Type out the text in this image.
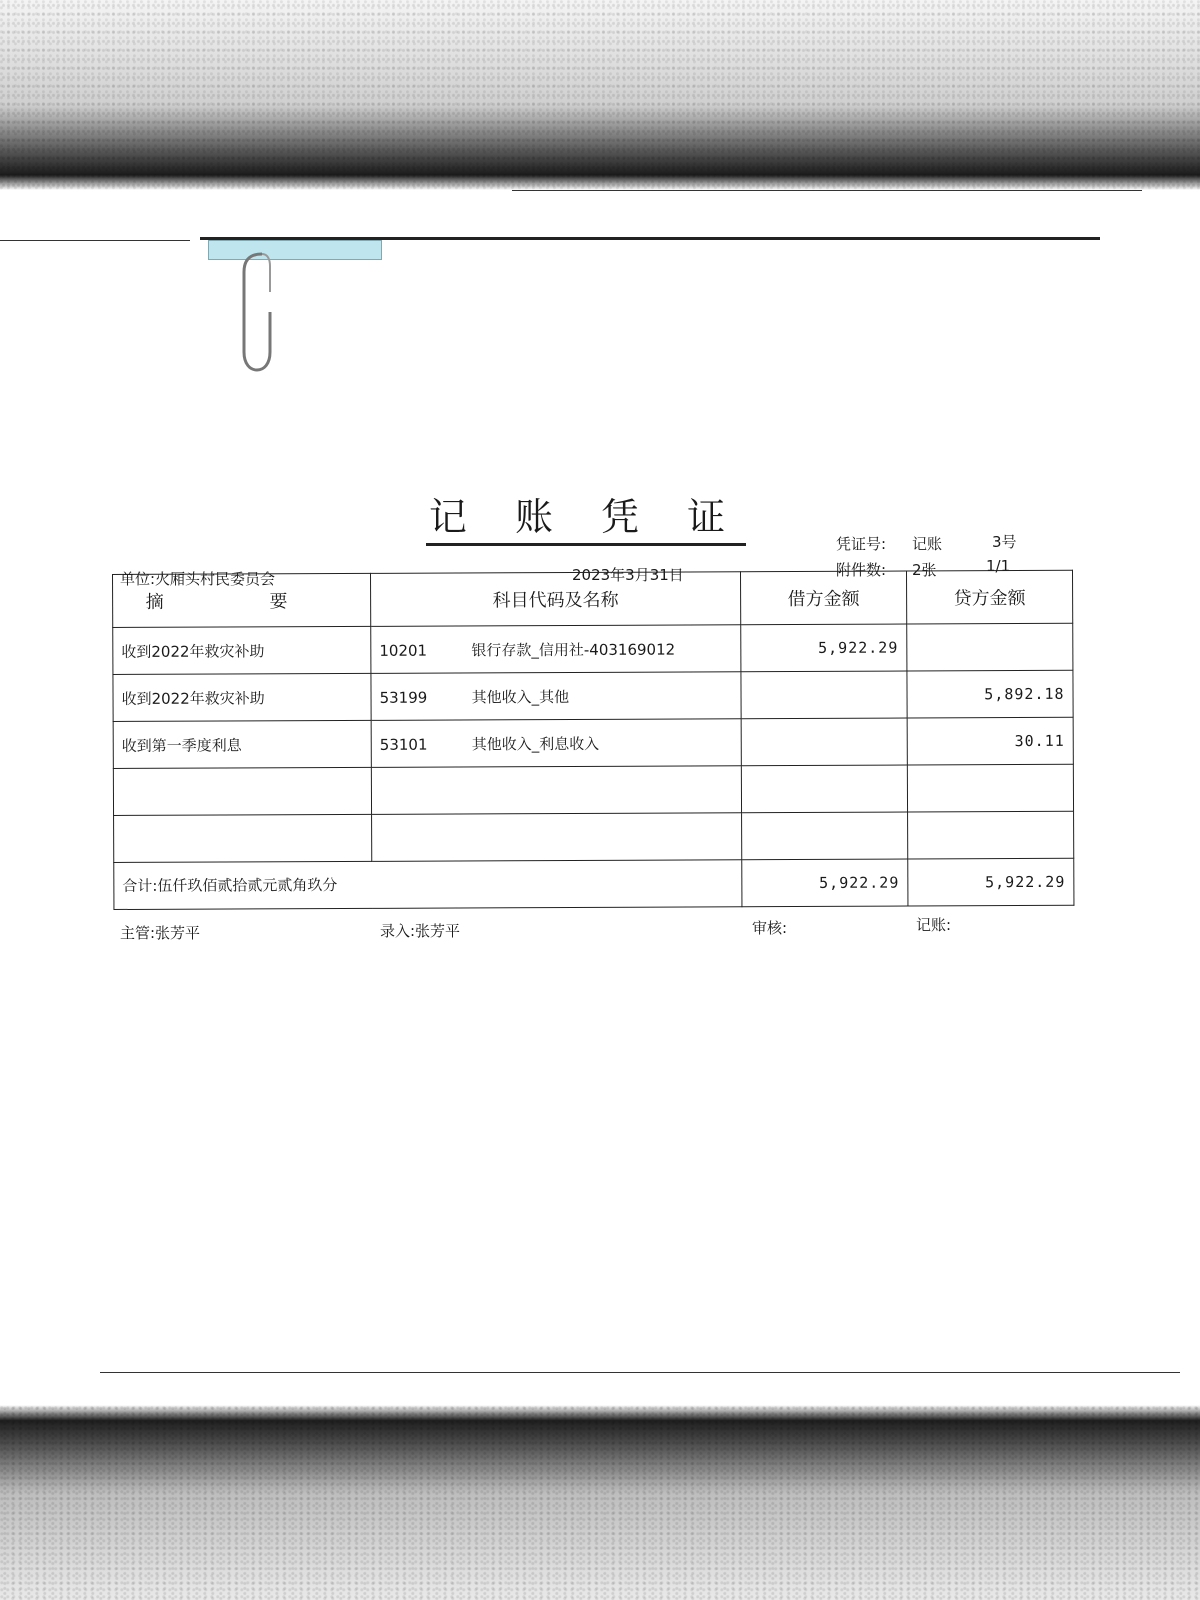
记 账 凭 证
凭证号: 记账	3号
附件数: 2张	1/1
单位:火厢头村民委员会	2023年3月31日
摘 要	科目代码及名称	借方金额	贷方金额
收到2022年救灾补助	10201 银行存款_信用社-403169012	5,922.29	
收到2022年救灾补助	53199 其他收入_其他		5,892.18
收到第一季度利息	53101 其他收入_利息收入		30.11

合计:伍仟玖佰贰拾贰元贰角玖分		5,922.29	5,922.29
主管:张芳平	录入:张芳平	审核:	记账:
